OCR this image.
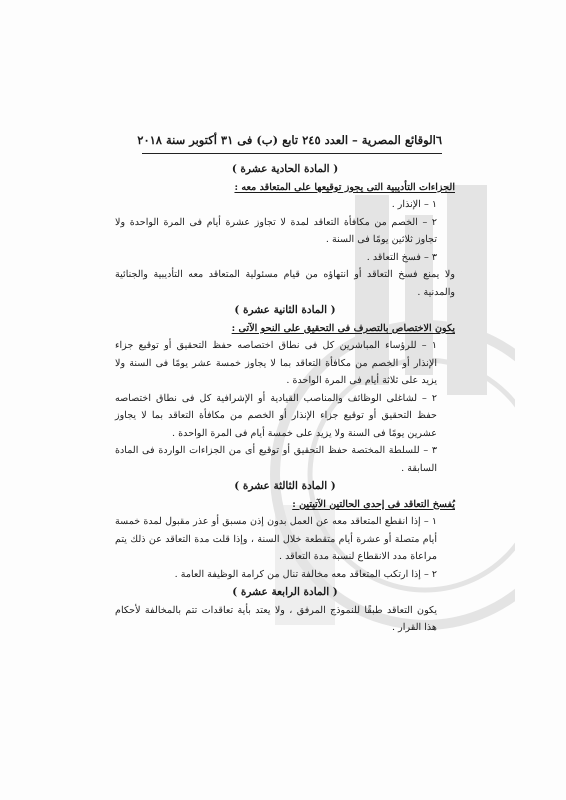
٦
الوقائع المصرية – العدد ٢٤٥ تابع (ب) فى ٣١ أكتوبر سنة ٢٠١٨
( المادة الحادية عشرة )

الجزاءات التأديبية التى يجوز توقيعها على المتعاقد معه :

١ – الإنذار .

٢ – الخصم من مكافأة التعاقد لمدة لا تجاوز عشرة أيام فى المرة الواحدة ولا تجاوز ثلاثين يومًا فى السنة .

٣ – فسخ التعاقد .

ولا يمنع فسخ التعاقد أو انتهاؤه من قيام مسئولية المتعاقد معه التأديبية والجنائية والمدنية .

( المادة الثانية عشرة )

يكون الاختصاص بالتصرف فى التحقيق على النحو الآتى :

١ – للرؤساء المباشرين كل فى نطاق اختصاصه حفظ التحقيق أو توقيع جزاء الإنذار أو الخصم من مكافأة التعاقد بما لا يجاوز خمسة عشر يومًا فى السنة ولا يزيد على ثلاثة أيام فى المرة الواحدة .

٢ – لشاغلى الوظائف والمناصب القيادية أو الإشرافية كل فى نطاق اختصاصه حفظ التحقيق أو توقيع جزاء الإنذار أو الخصم من مكافأة التعاقد بما لا يجاوز عشرين يومًا فى السنة ولا يزيد على خمسة أيام فى المرة الواحدة .

٣ – للسلطة المختصة حفظ التحقيق أو توقيع أى من الجزاءات الواردة فى المادة السابقة .

( المادة الثالثة عشرة )

يُفسخ التعاقد فى إحدى الحالتين الآتيتين :

١ – إذا انقطع المتعاقد معه عن العمل بدون إذن مسبق أو عذر مقبول لمدة خمسة أيام متصلة أو عشرة أيام متقطعة خلال السنة ، وإذا قلت مدة التعاقد عن ذلك يتم مراعاة مدد الانقطاع لنسبة مدة التعاقد .

٢ – إذا ارتكب المتعاقد معه مخالفة تنال من كرامة الوظيفة العامة .

( المادة الرابعة عشرة )

يكون التعاقد طبقًا للنموذج المرفق ، ولا يعتد بأية تعاقدات تتم بالمخالفة لأحكام هذا القرار .
